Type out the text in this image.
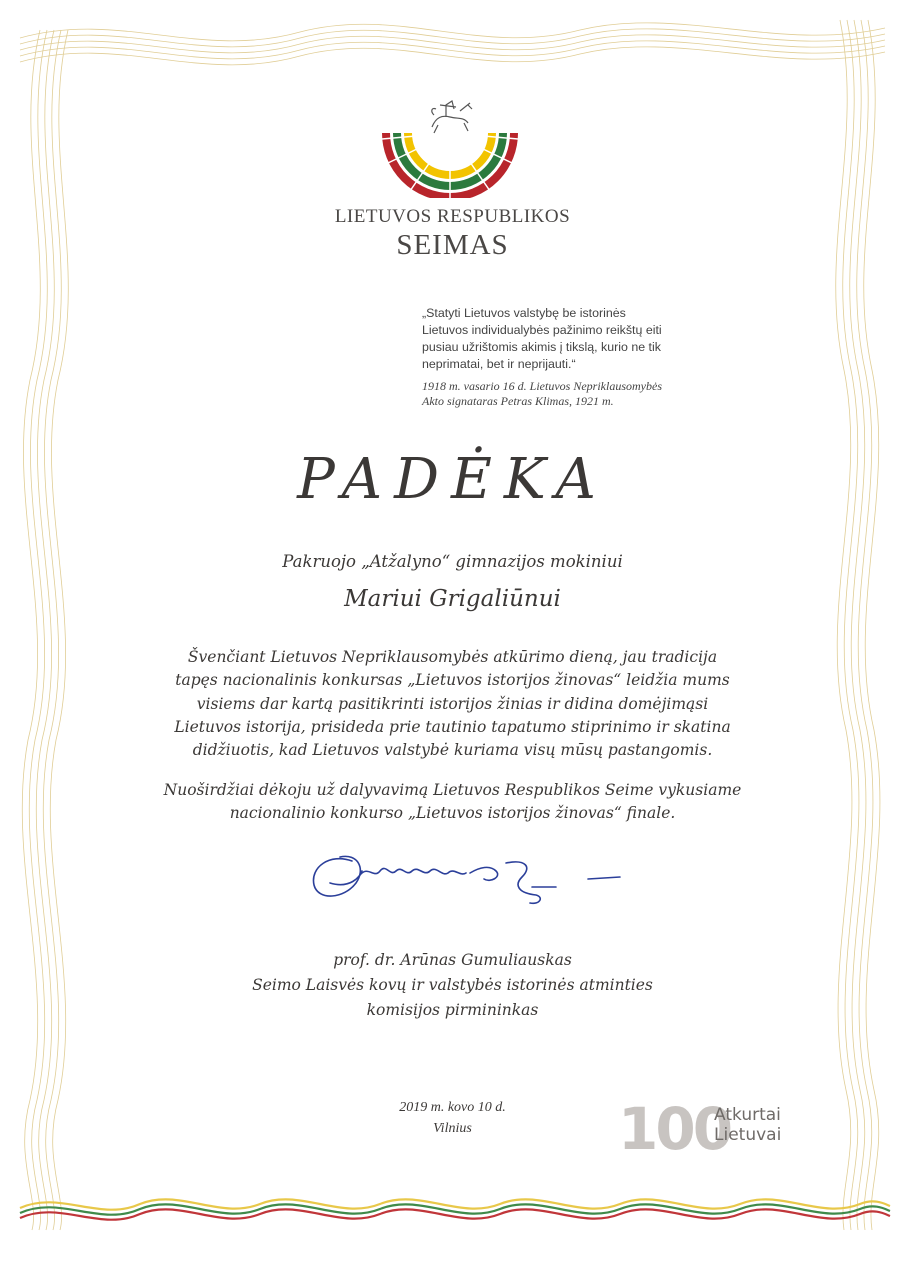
LIETUVOS RESPUBLIKOS
SEIMAS

„Statyti Lietuvos valstybę be istorinės
Lietuvos individualybės pažinimo reikštų eiti
pusiau užrištomis akimis į tikslą, kurio ne tik
neprimatai, bet ir neprijauti.“

1918 m. vasario 16 d. Lietuvos Nepriklausomybės
Akto signataras Petras Klimas, 1921 m.
PADĖKA
Pakruojo „Atžalyno“ gimnazijos mokiniui
Mariui Grigaliūnui
Švenčiant Lietuvos Nepriklausomybės atkūrimo dieną, jau tradicija
tapęs nacionalinis konkursas „Lietuvos istorijos žinovas“ leidžia mums
visiems dar kartą pasitikrinti istorijos žinias ir didina domėjimąsi
Lietuvos istorija, prisideda prie tautinio tapatumo stiprinimo ir skatina
didžiuotis, kad Lietuvos valstybė kuriama visų mūsų pastangomis.
Nuoširdžiai dėkoju už dalyvavimą Lietuvos Respublikos Seime vykusiame
nacionalinio konkurso „Lietuvos istorijos žinovas“ finale.
prof. dr. Arūnas Gumuliauskas
Seimo Laisvės kovų ir valstybės istorinės atminties
komisijos pirmininkas
2019 m. kovo 10 d.
Vilnius	100
Atkurtai
Lietuvai
